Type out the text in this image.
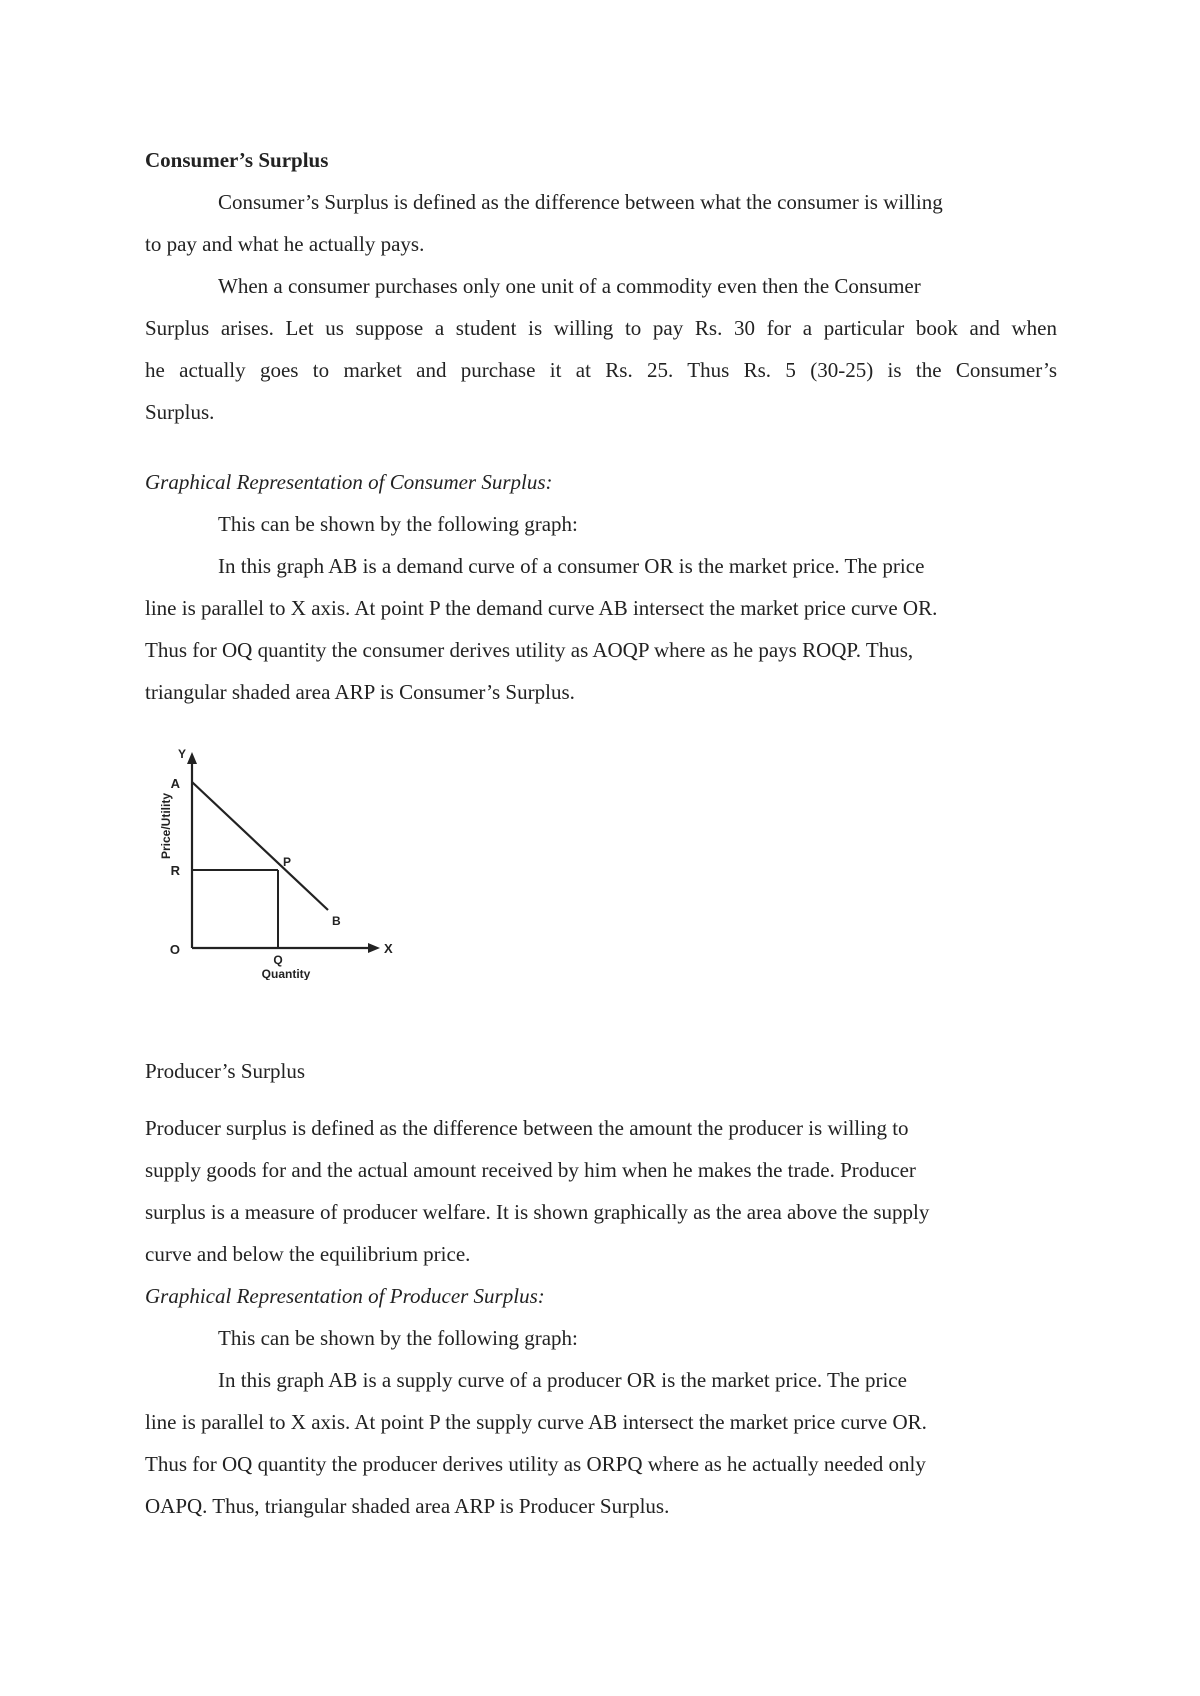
Consumer’s Surplus
Consumer’s Surplus is defined as the difference between what the consumer is willing
to pay and what he actually pays.
When a consumer purchases only one unit of a commodity even then the Consumer
Surplus arises. Let us suppose a student is willing to pay Rs. 30 for a particular book and when
he actually goes to market and purchase it at Rs. 25. Thus Rs. 5 (30-25) is the Consumer’s
Surplus.
Graphical Representation of Consumer Surplus:
This can be shown by the following graph:
In this graph AB is a demand curve of a consumer OR is the market price. The price
line is parallel to X axis. At point P the demand curve AB intersect the market price curve OR.
Thus for OQ quantity the consumer derives utility as AOQP where as he pays ROQP. Thus,
triangular shaded area ARP is Consumer’s Surplus.
Y
X
A
R
P
B
O
Q
Quantity
Price/Utility
Producer’s Surplus
Producer surplus is defined as the difference between the amount the producer is willing to
supply goods for and the actual amount received by him when he makes the trade. Producer
surplus is a measure of producer welfare. It is shown graphically as the area above the supply
curve and below the equilibrium price.
Graphical Representation of Producer Surplus:
This can be shown by the following graph:
In this graph AB is a supply curve of a producer OR is the market price. The price
line is parallel to X axis. At point P the supply curve AB intersect the market price curve OR.
Thus for OQ quantity the producer derives utility as ORPQ where as he actually needed only
OAPQ. Thus, triangular shaded area ARP is Producer Surplus.
